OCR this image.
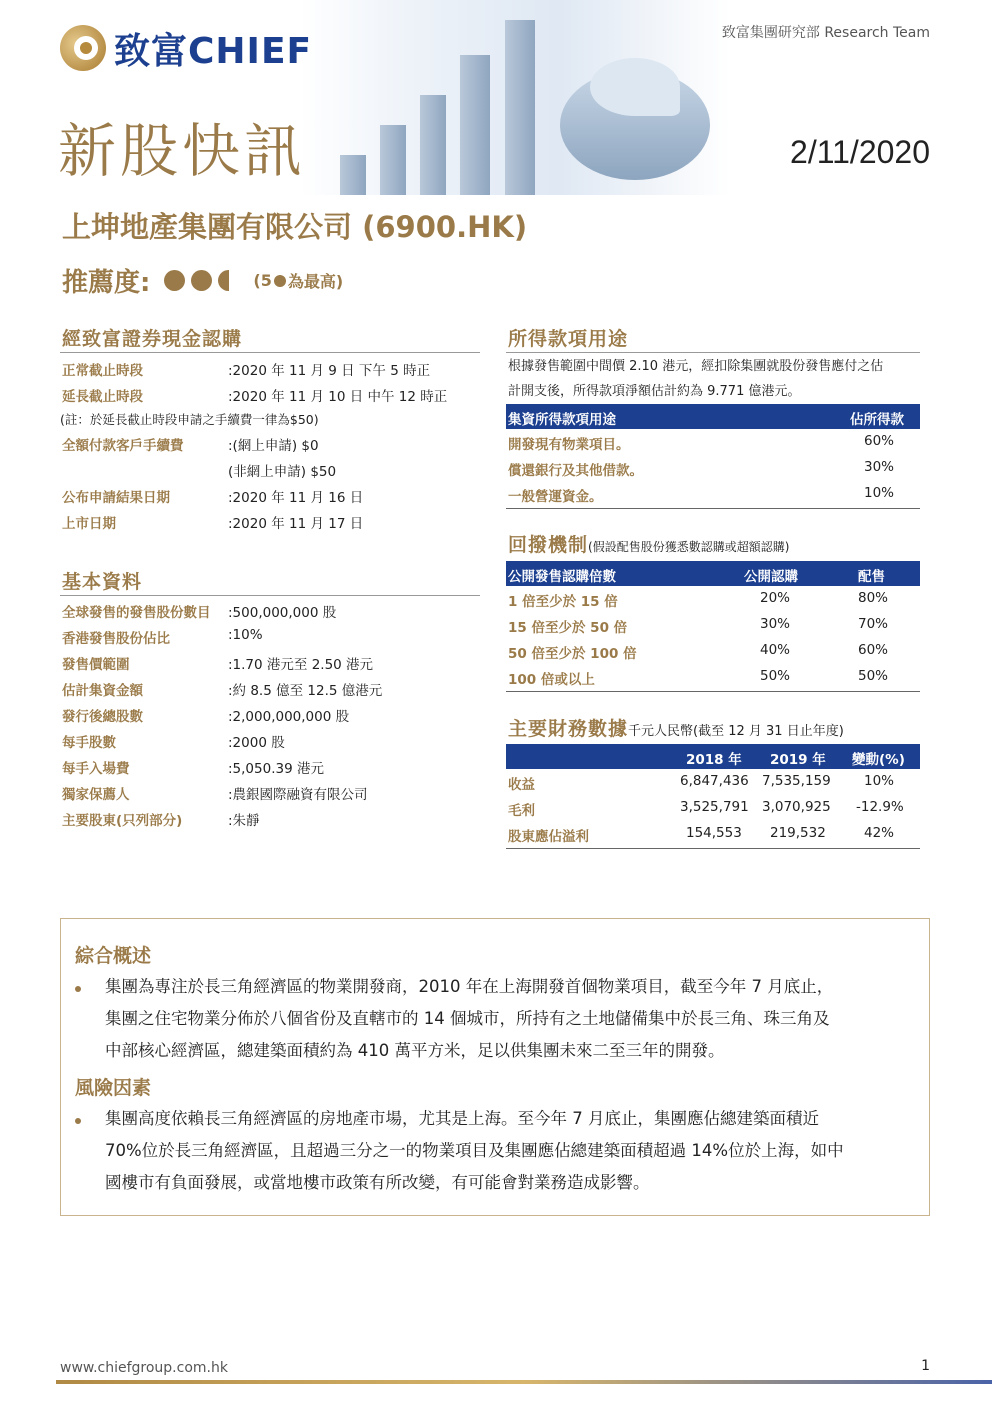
致富CHIEF	致富集團研究部 Research Team
新股快訊	2/11/2020
上坤地產集團有限公司 (6900.HK)
推薦度:	(5 為最高)
經致富證券現金認購
正常截止時段	:2020 年 11 月 9 日 下午 5 時正
延長截止時段	:2020 年 11 月 10 日 中午 12 時正
(註：於延長截止時段申請之手續費一律為$50)
全額付款客戶手續費	:(網上申請) $0
(非網上申請) $50
公布申請結果日期	:2020 年 11 月 16 日
上市日期	:2020 年 11 月 17 日
基本資料
全球發售的發售股份數目 :500,000,000 股
香港發售股份佔比	:10%
發售價範圍	:1.70 港元至 2.50 港元
估計集資金額	:約 8.5 億至 12.5 億港元
發行後總股數	:2,000,000,000 股
每手股數	:2000 股
每手入場費	:5,050.39 港元
獨家保薦人	:農銀國際融資有限公司
主要股東(只列部分)	:朱靜
所得款項用途
根據發售範圍中間價 2.10 港元，經扣除集團就股份發售應付之估
計開支後，所得款項淨額估計約為 9.771 億港元。
集資所得款項用途	佔所得款
開發現有物業項目。	60%
償還銀行及其他借款。	30%
一般營運資金。	10%
回撥機制(假設配售股份獲悉數認購或超額認購)
公開發售認購倍數	公開認購	配售
1 倍至少於 15 倍	20%	80%
15 倍至少於 50 倍	30%	70%
50 倍至少於 100 倍	40%	60%
100 倍或以上	50%	50%
主要財務數據千元人民幣(截至 12 月 31 日止年度)
2018 年 2019 年 變動(%)
收益	6,847,436 7,535,159 10%
毛利	3,525,791 3,070,925 -12.9%
股東應佔溢利	154,553 219,532	42%
綜合概述
集團為專注於長三角經濟區的物業開發商，2010 年在上海開發首個物業項目，截至今年 7 月底止，
集團之住宅物業分佈於八個省份及直轄市的 14 個城市，所持有之土地儲備集中於長三角、珠三角及
中部核心經濟區，總建築面積約為 410 萬平方米，足以供集團未來二至三年的開發。
風險因素
集團高度依賴長三角經濟區的房地產市場，尤其是上海。至今年 7 月底止，集團應佔總建築面積近
70%位於長三角經濟區，且超過三分之一的物業項目及集團應佔總建築面積超過 14%位於上海，如中
國樓市有負面發展，或當地樓市政策有所改變，有可能會對業務造成影響。
www.chiefgroup.com.hk	1
